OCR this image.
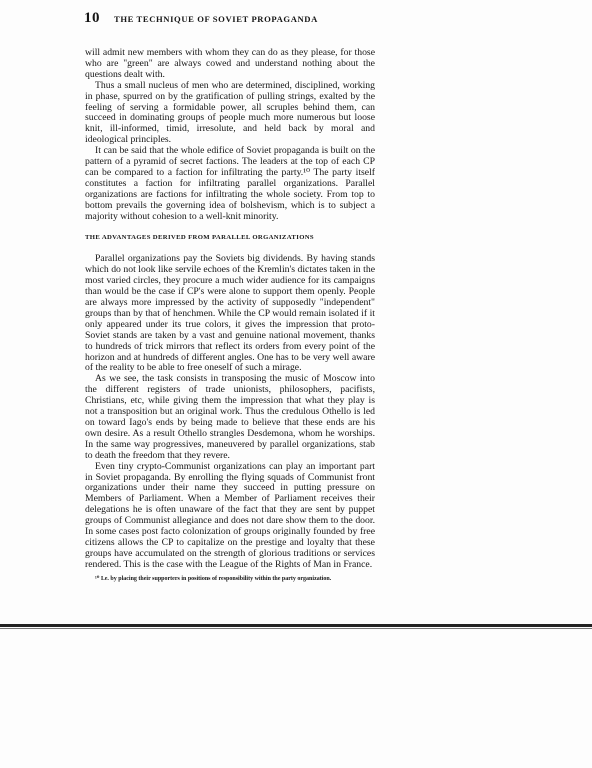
10 THE TECHNIQUE OF SOVIET PROPAGANDA

will admit new members with whom they can do as they please, for those who are "green" are always cowed and understand nothing about the questions dealt with.

Thus a small nucleus of men who are determined, disciplined, working in phase, spurred on by the gratification of pulling strings, exalted by the feeling of serving a formidable power, all scruples behind them, can succeed in dominating groups of people much more numerous but loose knit, ill-informed, timid, irresolute, and held back by moral and ideological principles.

It can be said that the whole edifice of Soviet propaganda is built on the pattern of a pyramid of secret factions. The leaders at the top of each CP can be compared to a faction for infiltrating the party.¹⁰ The party itself constitutes a faction for infiltrating parallel organizations. Parallel organizations are factions for infiltrating the whole society. From top to bottom prevails the governing idea of bolshevism, which is to subject a majority without cohesion to a well-knit minority.

THE ADVANTAGES DERIVED FROM PARALLEL ORGANIZATIONS

Parallel organizations pay the Soviets big dividends. By having stands which do not look like servile echoes of the Kremlin's dictates taken in the most varied circles, they procure a much wider audience for its campaigns than would be the case if CP's were alone to support them openly. People are always more impressed by the activity of supposedly "independent" groups than by that of henchmen. While the CP would remain isolated if it only appeared under its true colors, it gives the impression that proto-Soviet stands are taken by a vast and genuine national movement, thanks to hundreds of trick mirrors that reflect its orders from every point of the horizon and at hundreds of different angles. One has to be very well aware of the reality to be able to free oneself of such a mirage.

As we see, the task consists in transposing the music of Moscow into the different registers of trade unionists, philosophers, pacifists, Christians, etc, while giving them the impression that what they play is not a transposition but an original work. Thus the credulous Othello is led on toward Iago's ends by being made to believe that these ends are his own desire. As a result Othello strangles Desdemona, whom he worships. In the same way progressives, maneuvered by parallel organizations, stab to death the freedom that they revere.

Even tiny crypto-Communist organizations can play an important part in Soviet propaganda. By enrolling the flying squads of Communist front organizations under their name they succeed in putting pressure on Members of Parliament. When a Member of Parliament receives their delegations he is often unaware of the fact that they are sent by puppet groups of Communist allegiance and does not dare show them to the door. In some cases post facto colonization of groups originally founded by free citizens allows the CP to capitalize on the prestige and loyalty that these groups have accumulated on the strength of glorious traditions or services rendered. This is the case with the League of the Rights of Man in France.

¹⁰ I.e. by placing their supporters in positions of responsibility within the party organization.
